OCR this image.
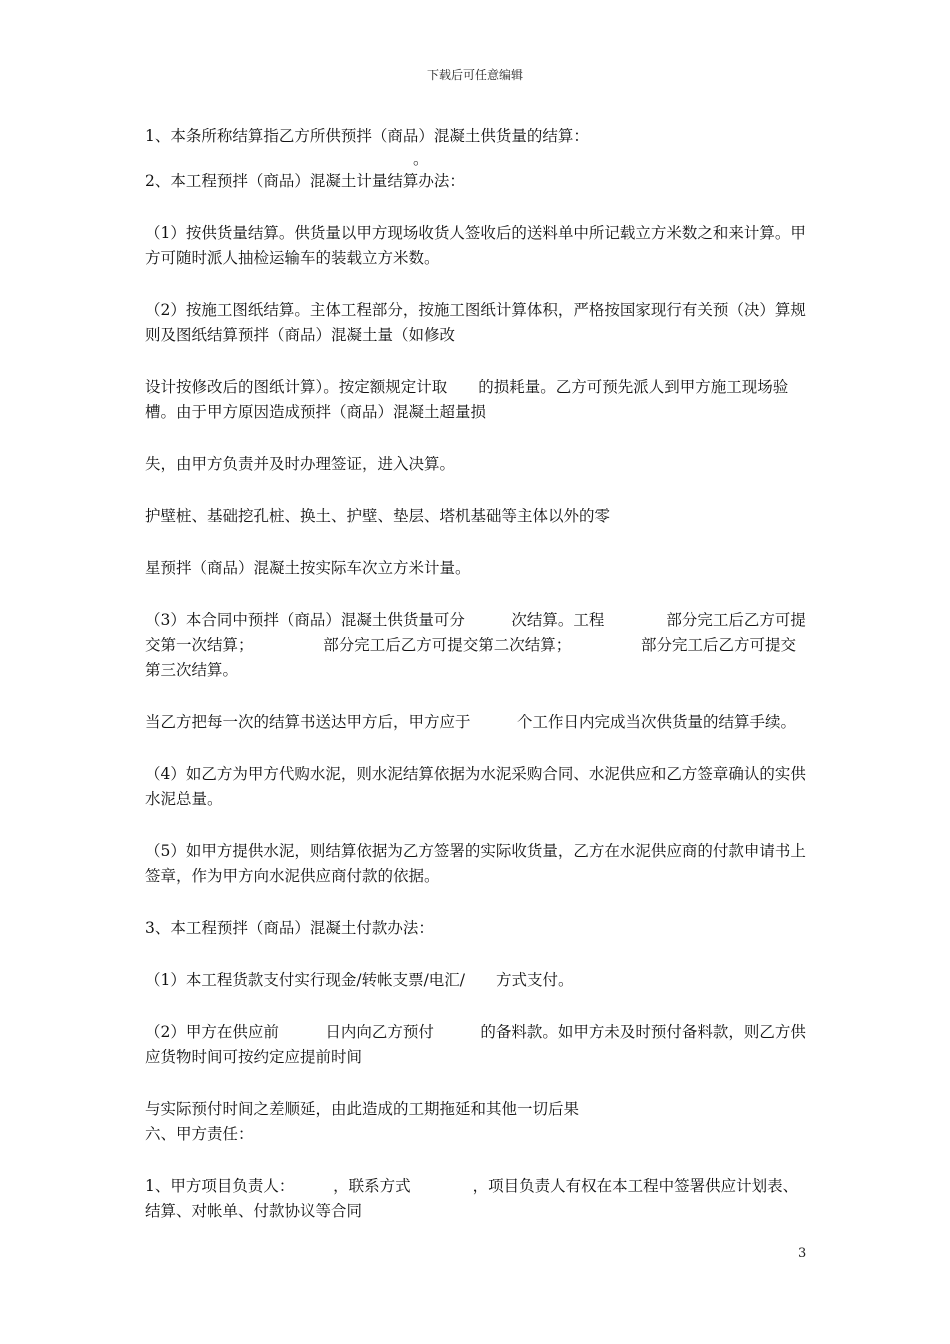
下载后可任意编辑

1、本条所称结算指乙方所供预拌（商品）混凝土供货量的结算：

。

2、本工程预拌（商品）混凝土计量结算办法：

（1）按供货量结算。供货量以甲方现场收货人签收后的送料单中所记载立方米数之和来计算。甲方可随时派人抽检运输车的装载立方米数。

（2）按施工图纸结算。主体工程部分，按施工图纸计算体积，严格按国家现行有关预（决）算规则及图纸结算预拌（商品）混凝土量（如修改

设计按修改后的图纸计算）。按定额规定计取　　的损耗量。乙方可预先派人到甲方施工现场验槽。由于甲方原因造成预拌（商品）混凝土超量损

失，由甲方负责并及时办理签证，进入决算。

护壁桩、基础挖孔桩、换土、护壁、垫层、塔机基础等主体以外的零

星预拌（商品）混凝土按实际车次立方米计量。

（3）本合同中预拌（商品）混凝土供货量可分　　　次结算。工程　　　　部分完工后乙方可提交第一次结算；　　　　　部分完工后乙方可提交第二次结算；　　　　　部分完工后乙方可提交第三次结算。

当乙方把每一次的结算书送达甲方后，甲方应于　　　个工作日内完成当次供货量的结算手续。

（4）如乙方为甲方代购水泥，则水泥结算依据为水泥采购合同、水泥供应和乙方签章确认的实供水泥总量。

（5）如甲方提供水泥，则结算依据为乙方签署的实际收货量，乙方在水泥供应商的付款申请书上签章，作为甲方向水泥供应商付款的依据。

3、本工程预拌（商品）混凝土付款办法：

（1）本工程货款支付实行现金/转帐支票/电汇/　　方式支付。

（2）甲方在供应前　　　日内向乙方预付　　　的备料款。如甲方未及时预付备料款，则乙方供应货物时间可按约定应提前时间

与实际预付时间之差顺延，由此造成的工期拖延和其他一切后果

六、甲方责任：

1、甲方项目负责人：　　　，联系方式　　　　，项目负责人有权在本工程中签署供应计划表、结算、对帐单、付款协议等合同

3
